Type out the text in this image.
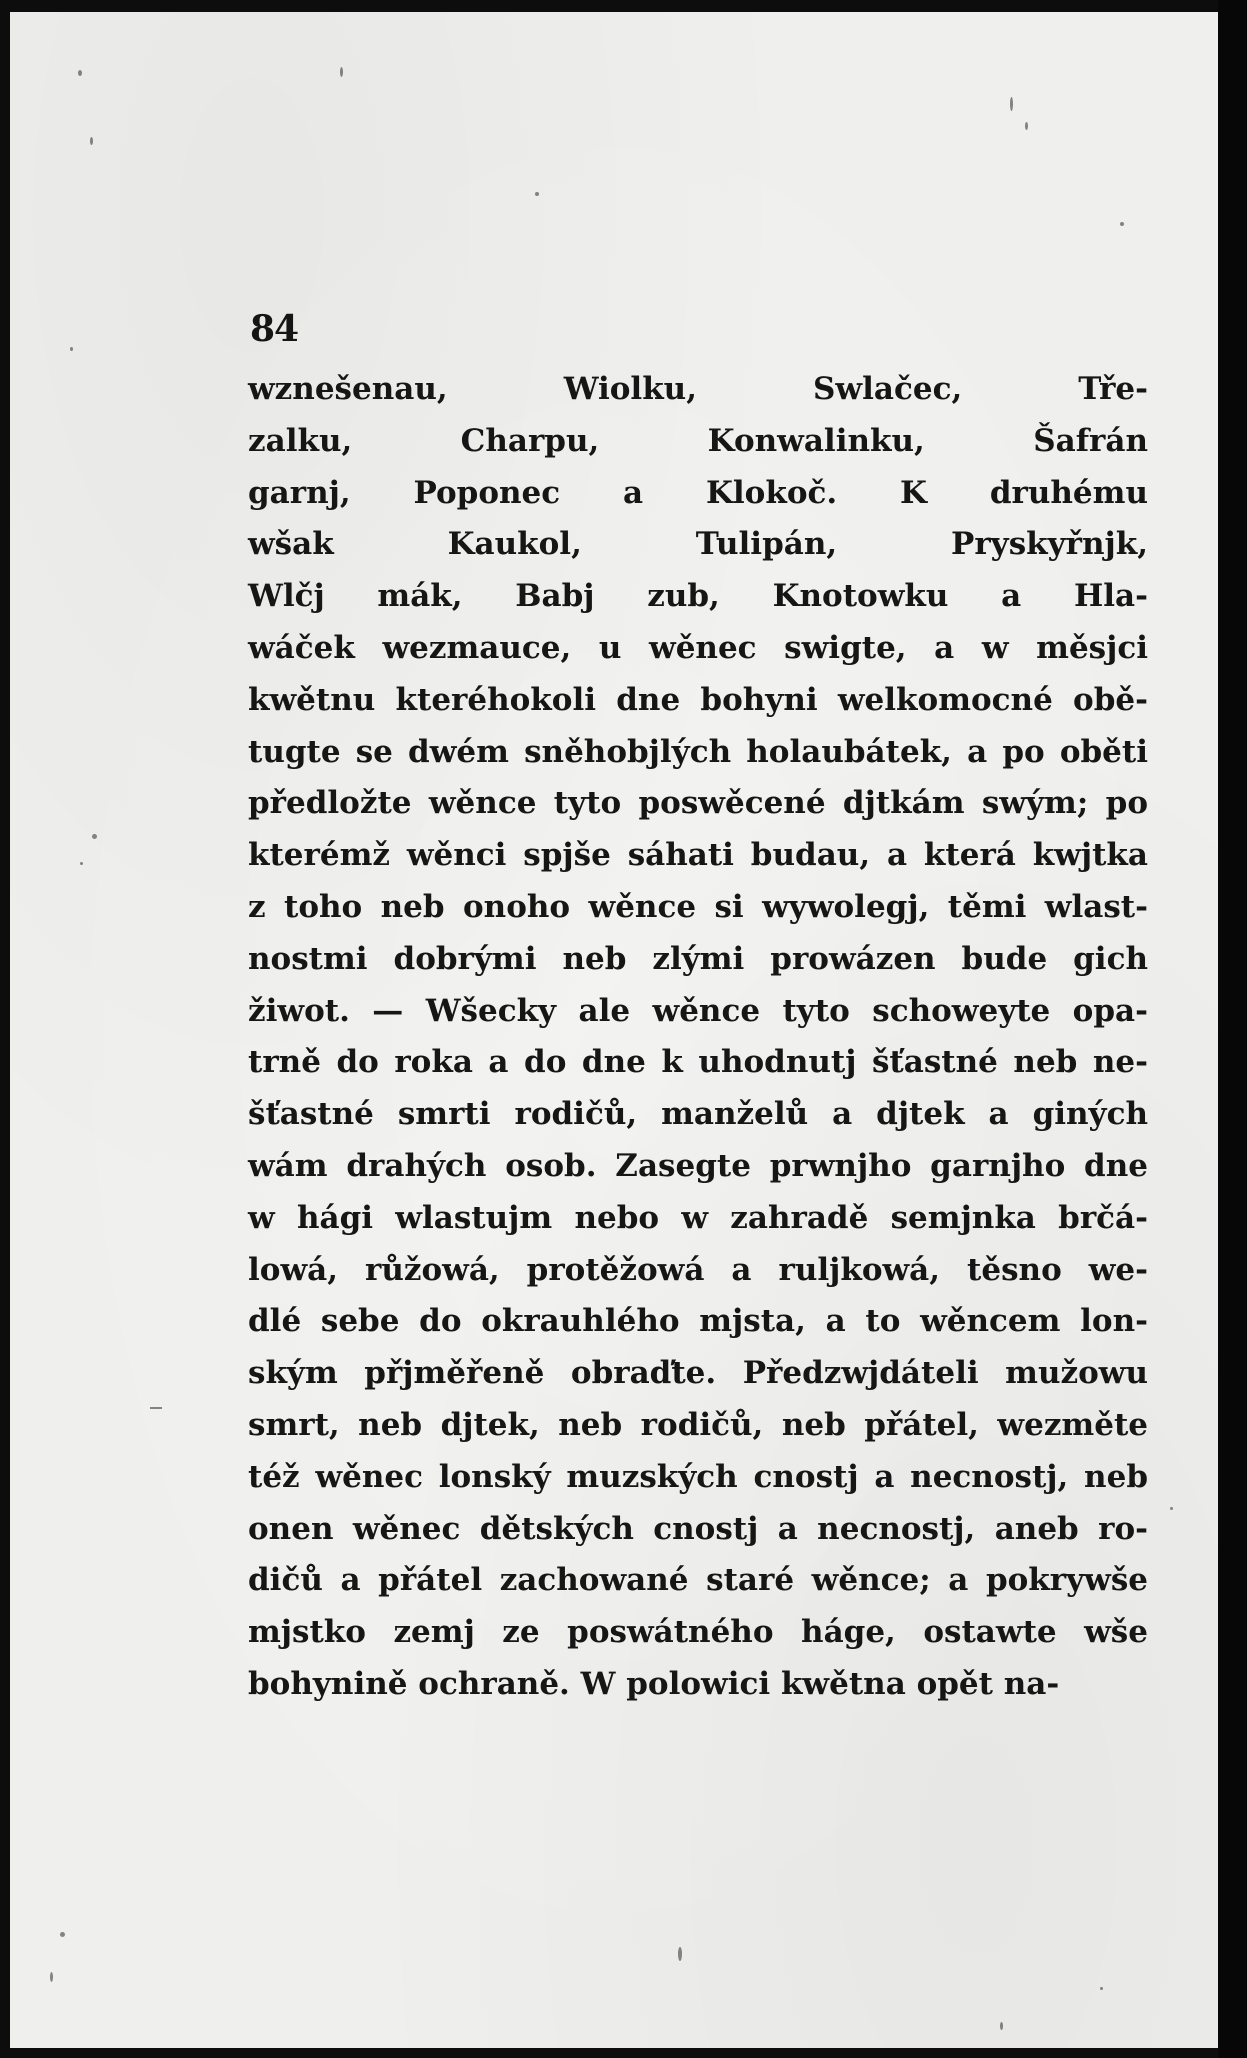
84
wznešenau, Wiolku, Swlačec, Tře-
zalku, Charpu, Konwalinku, Šafrán
garnj, Poponec a Klokoč. K druhému
wšak Kaukol, Tulipán, Pryskyřnjk,
Wlčj mák, Babj zub, Knotowku a Hla-
wáček wezmauce, u wěnec swigte, a w měsjci
kwětnu kteréhokoli dne bohyni welkomocné obě-
tugte se dwém sněhobjlých holaubátek, a po oběti
předložte wěnce tyto poswěcené djtkám swým; po
kterémž wěnci spjše sáhati budau, a která kwjtka
z toho neb onoho wěnce si wywolegj, těmi wlast-
nostmi dobrými neb zlými prowázen bude gich
žiwot. — Wšecky ale wěnce tyto schoweyte opa-
trně do roka a do dne k uhodnutj šťastné neb ne-
šťastné smrti rodičů, manželů a djtek a giných
wám drahých osob. Zasegte prwnjho garnjho dne
w hági wlastujm nebo w zahradě semjnka brčá-
lowá, růžowá, protěžowá a ruljkowá, těsno we-
dlé sebe do okrauhlého mjsta, a to wěncem lon-
ským přjměřeně obraďte. Předzwjdáteli mužowu
smrt, neb djtek, neb rodičů, neb přátel, wezměte
též wěnec lonský muzských cnostj a necnostj, neb
onen wěnec dětských cnostj a necnostj, aneb ro-
dičů a přátel zachowané staré wěnce; a pokrywše
mjstko zemj ze poswátného háge, ostawte wše
bohynině ochraně. W polowici kwětna opět na-
